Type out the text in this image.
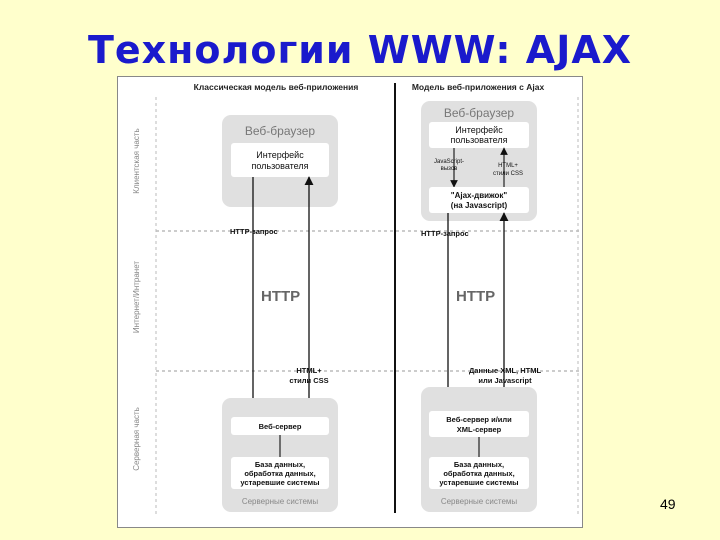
Технологии WWW: AJAX
Классическая модель веб-приложения	Модель веб-приложения с Ajax
Клиентская часть
Интернет/Интранет
Серверная часть
Веб-браузер
Интерфейс
пользователя
HTTP-запрос
HTTP
HTML+
стили CSS
Веб-сервер
База данных,
обработка данных,
устаревшие системы
Серверные системы
Веб-браузер
Интерфейс
пользователя
JavaScript-
вызов	HTML+
стили CSS
"Ajax-движок"
(на Javascript)
HTTP-запрос
HTTP
Данные XML, HTML
или Javascript
Веб-сервер и/или
XML-сервер
База данных,
обработка данных,
устаревшие системы
Серверные системы	49
